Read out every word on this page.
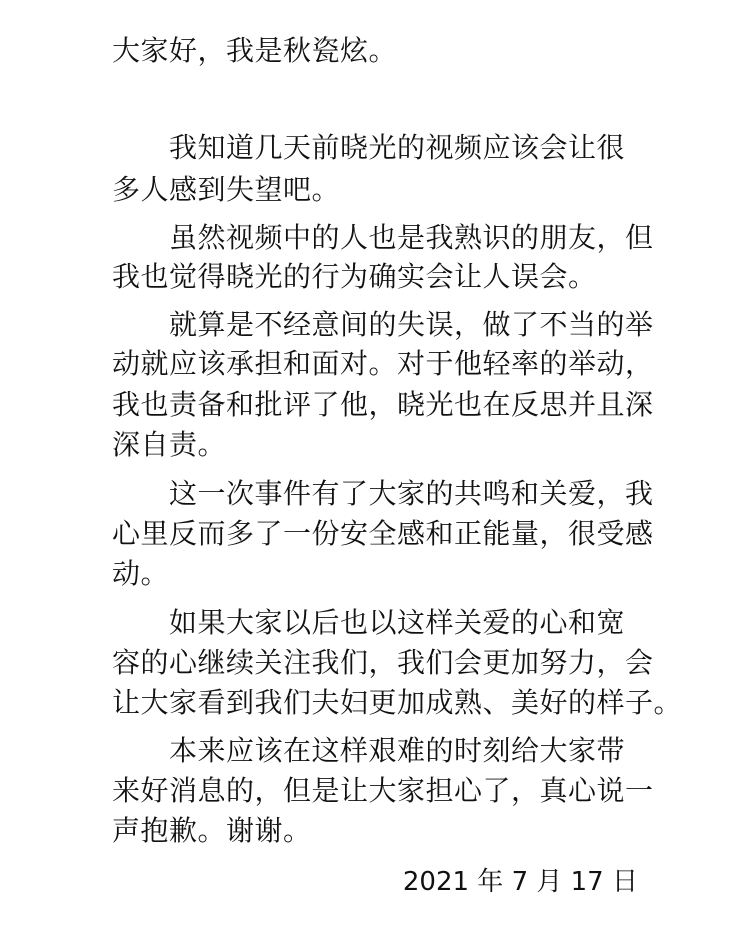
大家好，我是秋瓷炫。
　　我知道几天前晓光的视频应该会让很
多人感到失望吧。
　　虽然视频中的人也是我熟识的朋友，但
我也觉得晓光的行为确实会让人误会。
　　就算是不经意间的失误，做了不当的举
动就应该承担和面对。对于他轻率的举动，
我也责备和批评了他，晓光也在反思并且深
深自责。
　　这一次事件有了大家的共鸣和关爱，我
心里反而多了一份安全感和正能量，很受感
动。
　　如果大家以后也以这样关爱的心和宽
容的心继续关注我们，我们会更加努力，会
让大家看到我们夫妇更加成熟、美好的样子。
　　本来应该在这样艰难的时刻给大家带
来好消息的，但是让大家担心了，真心说一
声抱歉。谢谢。
2021 年 7 月 17 日
